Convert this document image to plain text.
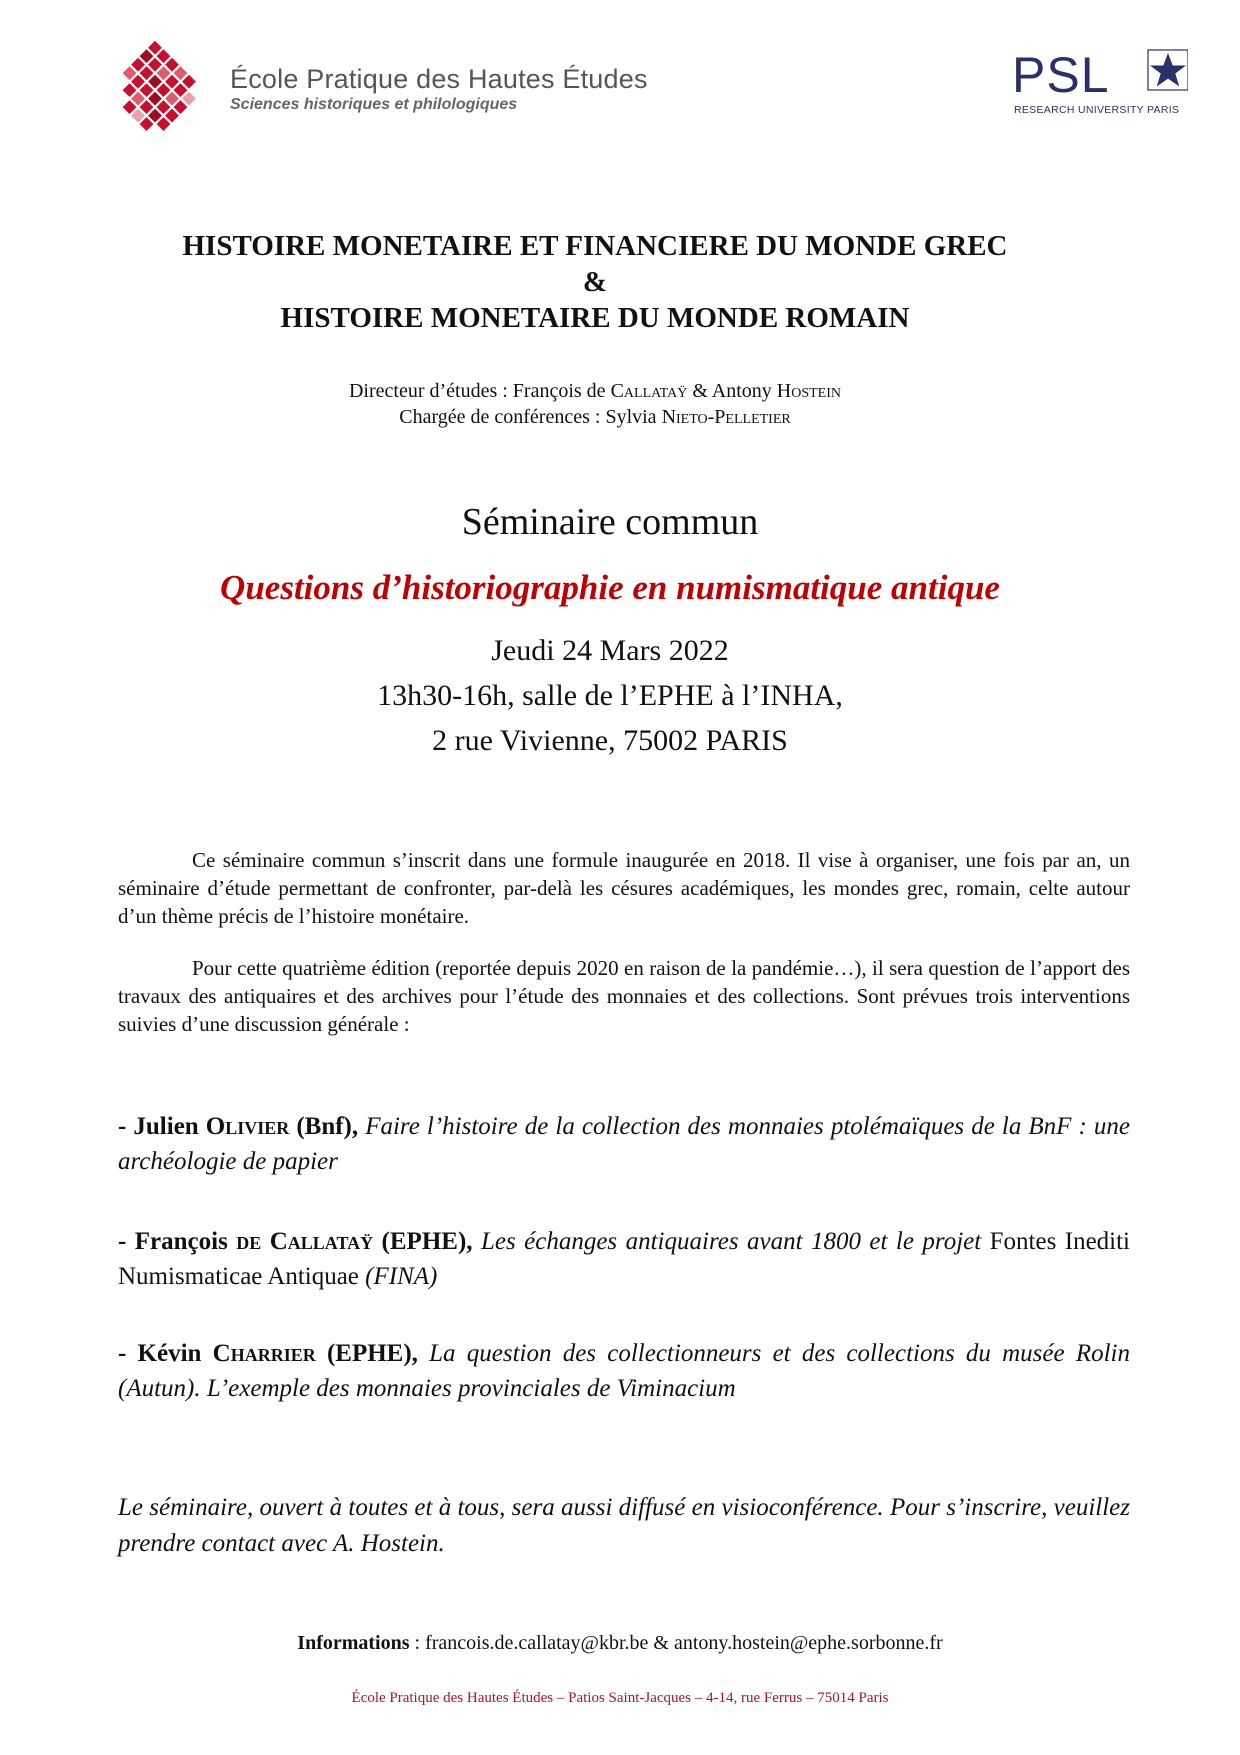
École Pratique des Hautes Études
Sciences historiques et philologiques
PSL
RESEARCH UNIVERSITY PARIS
HISTOIRE MONETAIRE ET FINANCIERE DU MONDE GREC
&
HISTOIRE MONETAIRE DU MONDE ROMAIN
Directeur d’études : François de Callataÿ & Antony Hostein
Chargée de conférences : Sylvia Nieto-Pelletier
Séminaire commun
Questions d’historiographie en numismatique antique
Jeudi 24 Mars 2022
13h30-16h, salle de l’EPHE à l’INHA,
2 rue Vivienne, 75002 PARIS
Ce séminaire commun s’inscrit dans une formule inaugurée en 2018. Il vise à organiser, une fois par an, un séminaire d’étude permettant de confronter, par-delà les césures académiques, les mondes grec, romain, celte autour d’un thème précis de l’histoire monétaire.
Pour cette quatrième édition (reportée depuis 2020 en raison de la pandémie…), il sera question de l’apport des travaux des antiquaires et des archives pour l’étude des monnaies et des collections. Sont prévues trois interventions suivies d’une discussion générale :
- Julien Olivier (Bnf), Faire l’histoire de la collection des monnaies ptolémaïques de la BnF : une archéologie de papier
- François de Callataÿ (EPHE), Les échanges antiquaires avant 1800 et le projet Fontes Inediti Numismaticae Antiquae (FINA)
- Kévin Charrier (EPHE), La question des collectionneurs et des collections du musée Rolin (Autun). L’exemple des monnaies provinciales de Viminacium
Le séminaire, ouvert à toutes et à tous, sera aussi diffusé en visioconférence. Pour s’inscrire, veuillez prendre contact avec A. Hostein.
Informations : francois.de.callatay@kbr.be & antony.hostein@ephe.sorbonne.fr
École Pratique des Hautes Études – Patios Saint-Jacques – 4-14, rue Ferrus – 75014 Paris
